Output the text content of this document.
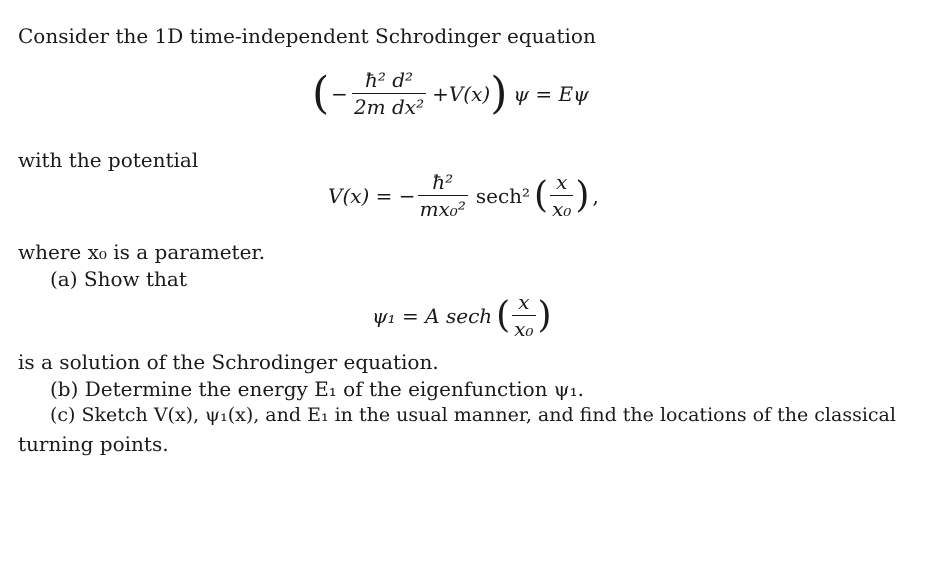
Consider the 1D time-independent Schrodinger equation
( − $\frac{\text{ħ² d²}}{\text{2m dx²}} +V(x)$ ) ψ = Eψ
with the potential
V(x) = − $\frac{\text{ħ²}}{\text{mx₀²}} \sec h^2$ ( $\frac{x}{\text{x₀}}$ ) ,
where x₀ is a parameter.
(a) Show that
ψ₁ = A sech ( $\frac{x}{\text{x₀}}$ )
is a solution of the Schrodinger equation.
(b) Determine the energy E₁ of the eigenfunction ψ₁.
(c) Sketch V(x), ψ₁(x), and E₁ in the usual manner, and find the locations of the classical
turning points.
